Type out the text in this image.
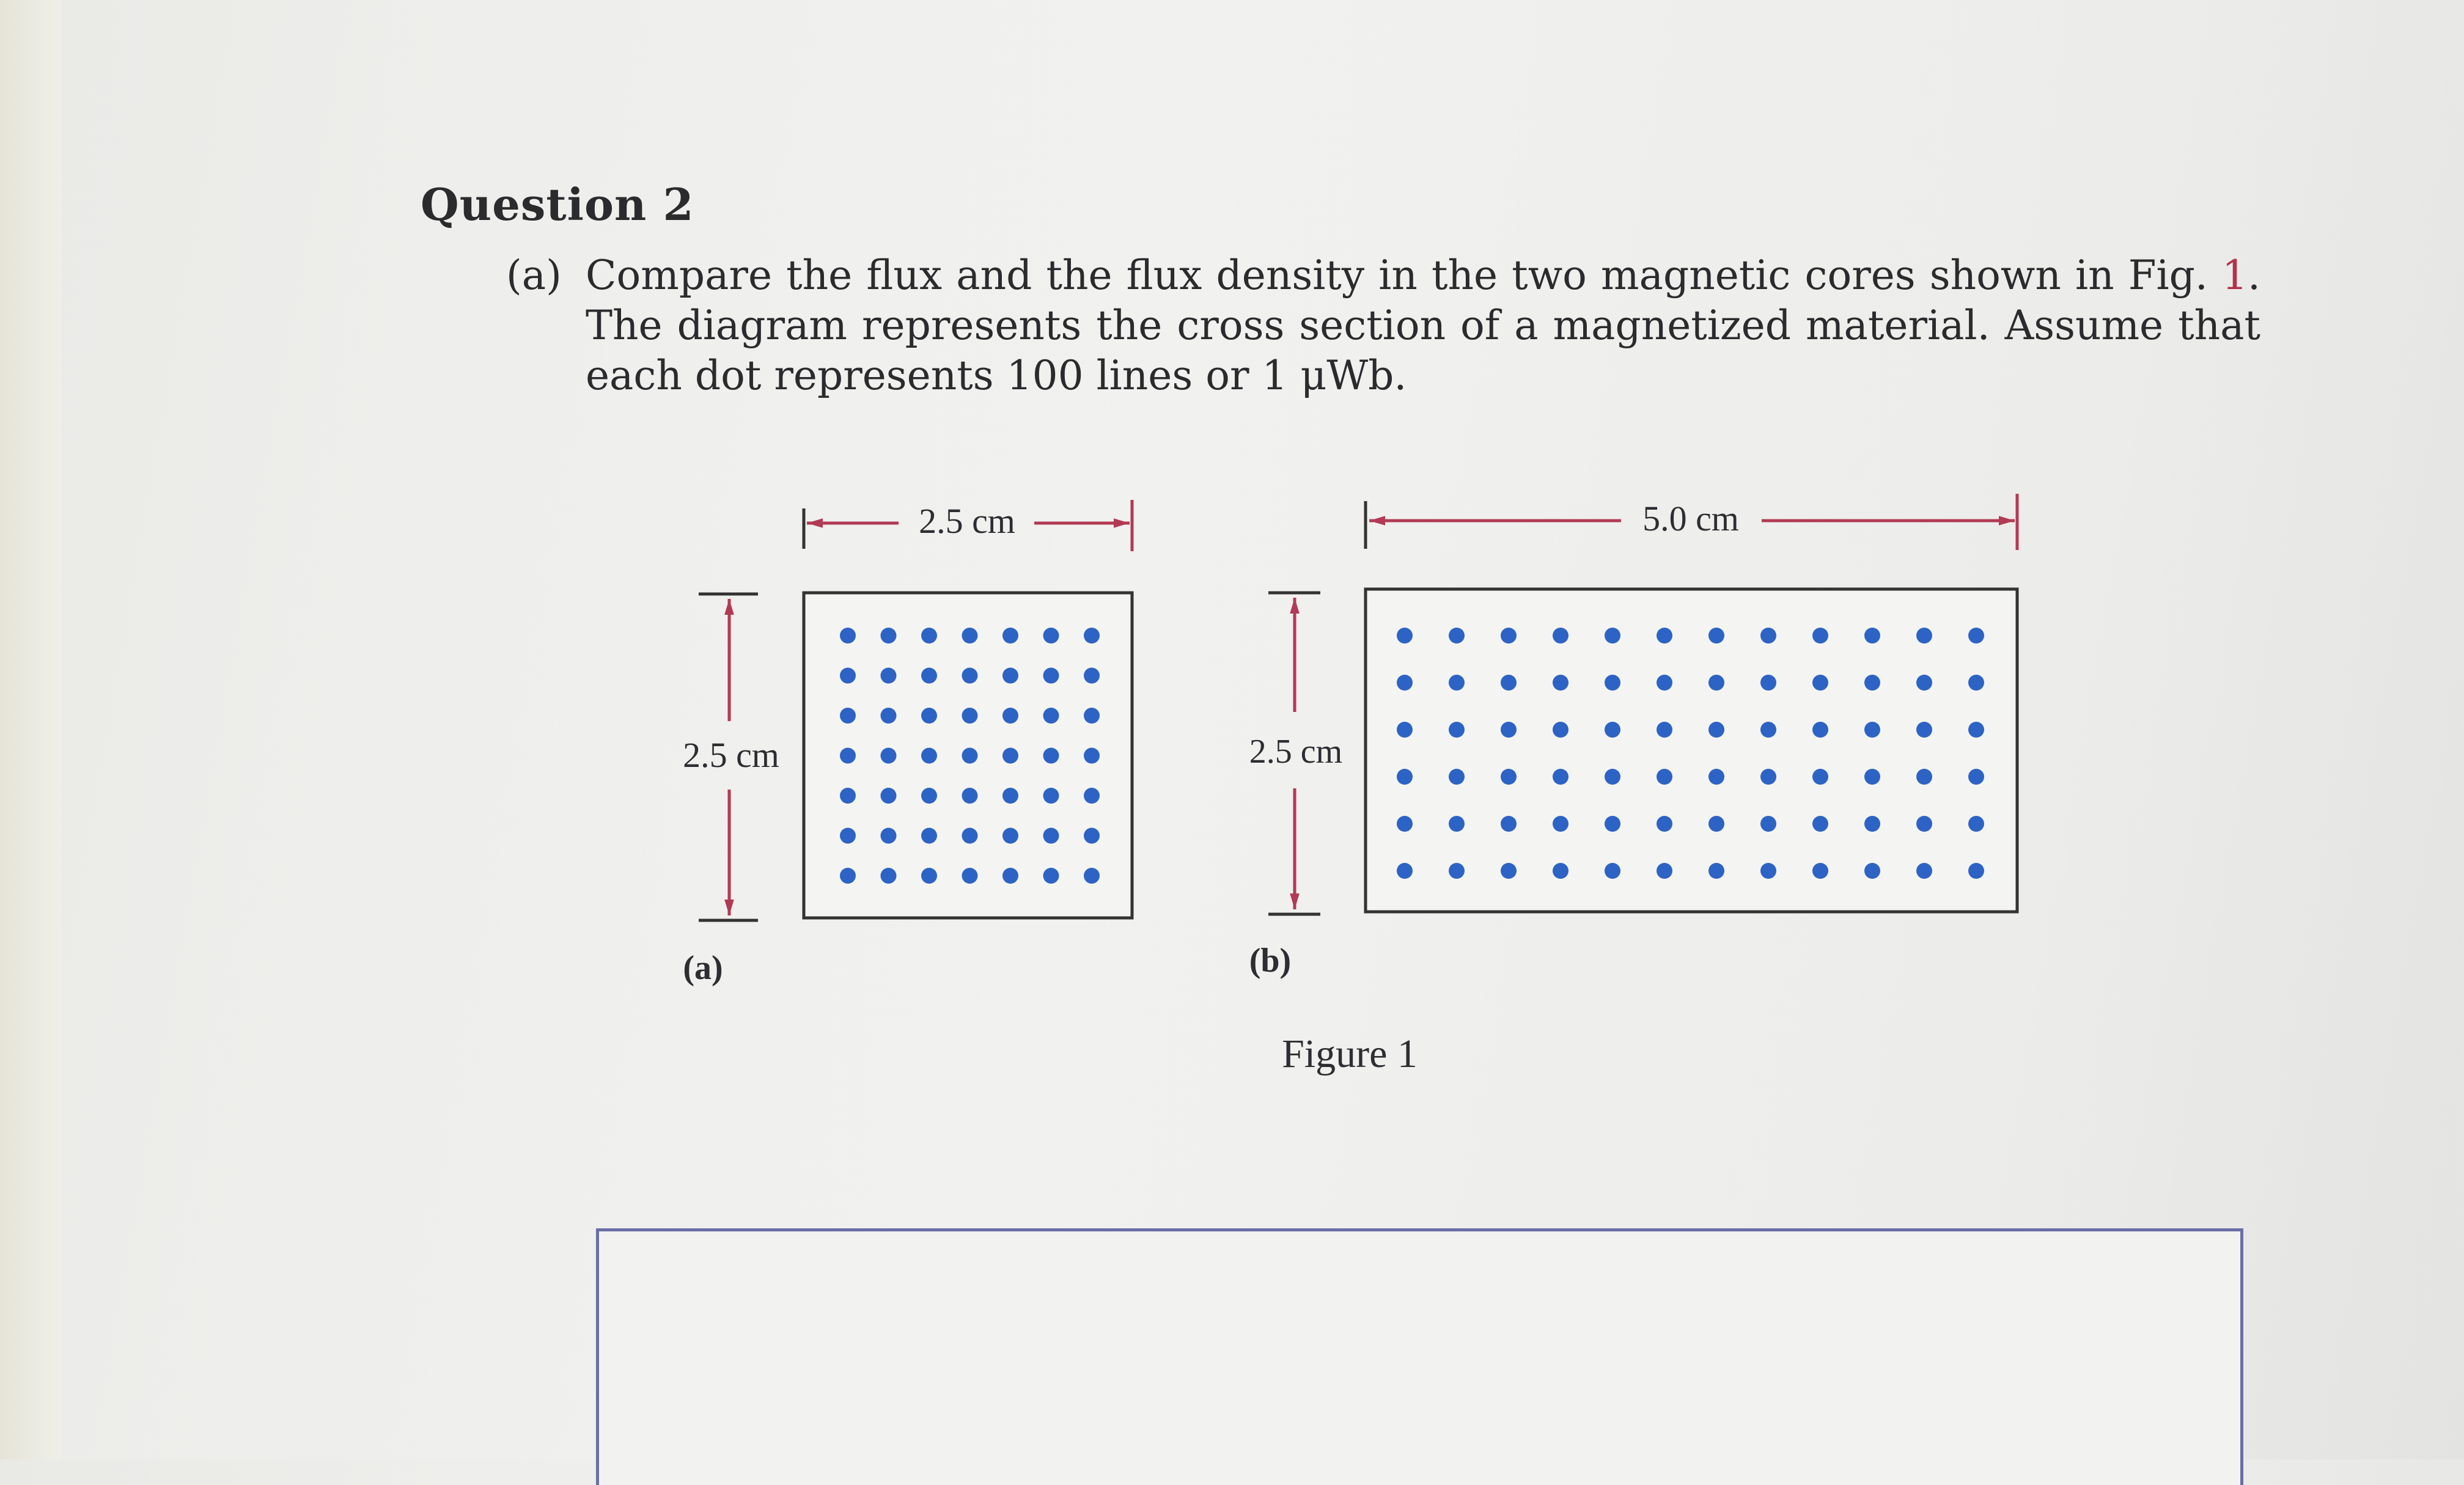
Question 2
(a) Compare the flux and the flux density in the two magnetic cores shown in Fig. 1. The diagram represents the cross section of a magnetized material. Assume that each dot represents 100 lines or 1 μWb.
2.5 cm
2.5 cm
(a)
5.0 cm
2.5 cm
(b)
Figure 1
